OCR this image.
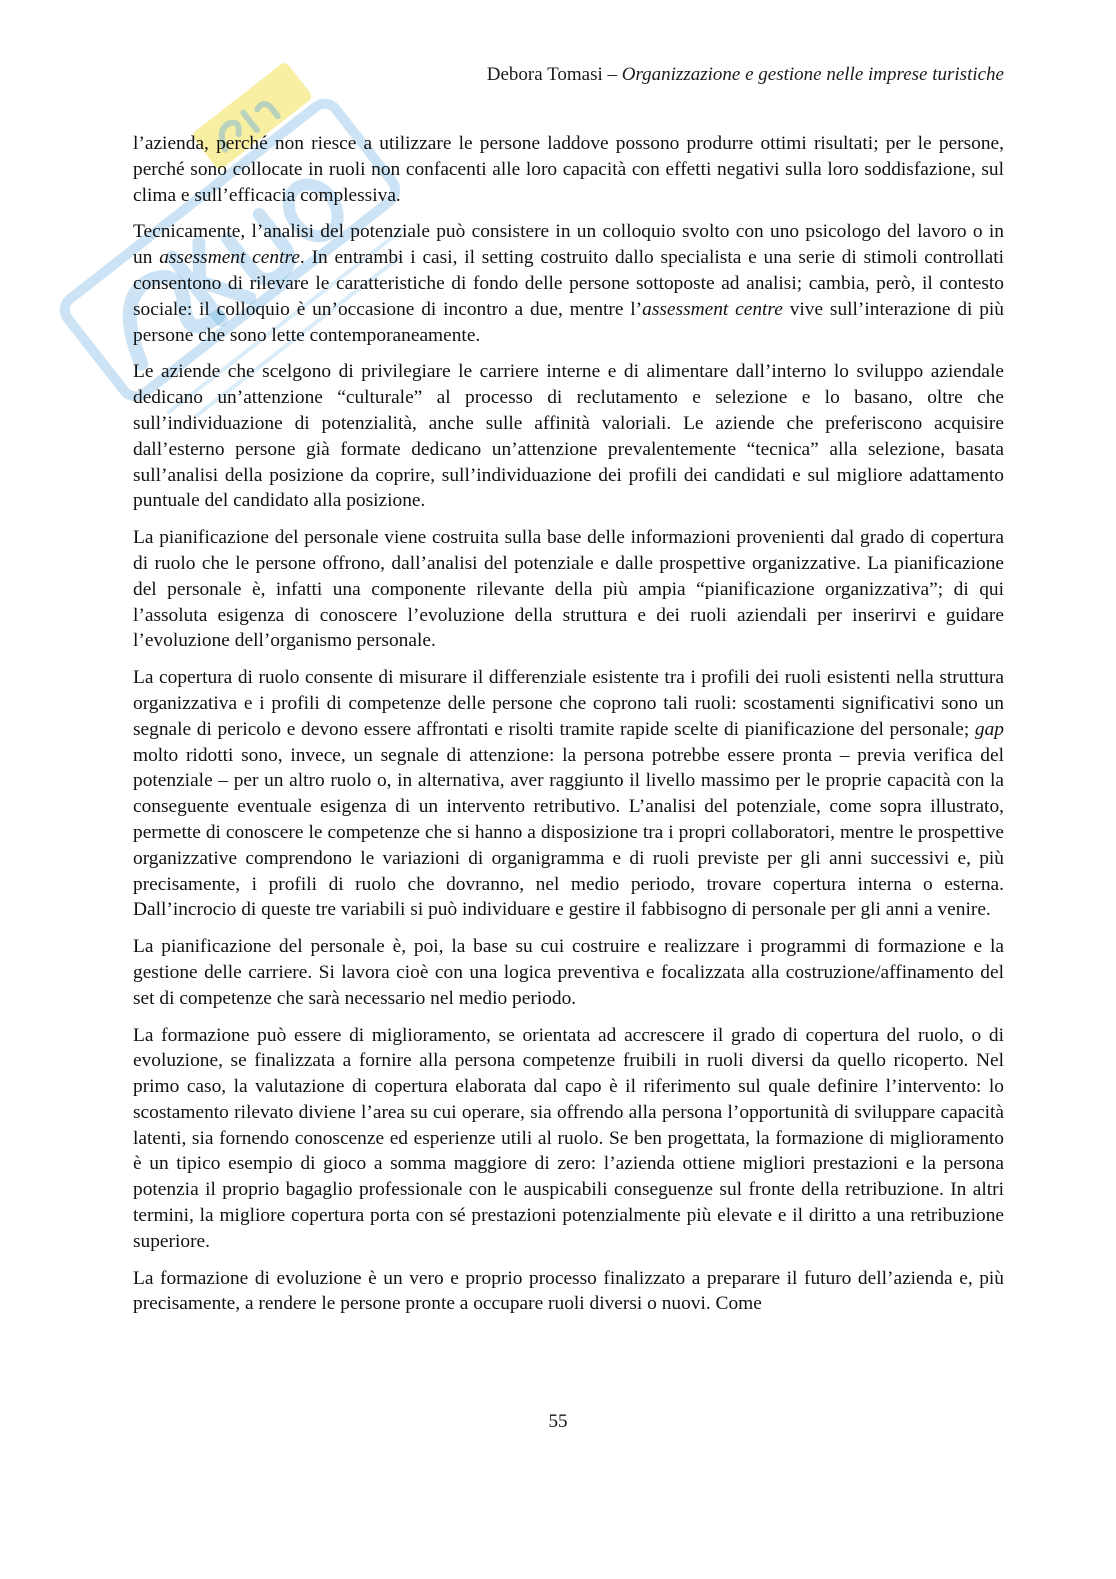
Debora Tomasi – Organizzazione e gestione nelle imprese turistiche

l’azienda, perché non riesce a utilizzare le persone laddove possono produrre ottimi risultati; per le persone, perché sono collocate in ruoli non confacenti alle loro capacità con effetti negativi sulla loro soddisfazione, sul clima e sull’efficacia complessiva.

Tecnicamente, l’analisi del potenziale può consistere in un colloquio svolto con uno psicologo del lavoro o in un assessment centre. In entrambi i casi, il setting costruito dallo specialista e una serie di stimoli controllati consentono di rilevare le caratteristiche di fondo delle persone sottoposte ad analisi; cambia, però, il contesto sociale: il colloquio è un’occasione di incontro a due, mentre l’assessment centre vive sull’interazione di più persone che sono lette contemporaneamente.

Le aziende che scelgono di privilegiare le carriere interne e di alimentare dall’interno lo sviluppo aziendale dedicano un’attenzione “culturale” al processo di reclutamento e selezione e lo basano, oltre che sull’individuazione di potenzialità, anche sulle affinità valoriali. Le aziende che preferiscono acquisire dall’esterno persone già formate dedicano un’attenzione prevalentemente “tecnica” alla selezione, basata sull’analisi della posizione da coprire, sull’individuazione dei profili dei candidati e sul migliore adattamento puntuale del candidato alla posizione.

La pianificazione del personale viene costruita sulla base delle informazioni provenienti dal grado di copertura di ruolo che le persone offrono, dall’analisi del potenziale e dalle prospettive organizzative. La pianificazione del personale è, infatti una componente rilevante della più ampia “pianificazione organizzativa”; di qui l’assoluta esigenza di conoscere l’evoluzione della struttura e dei ruoli aziendali per inserirvi e guidare l’evoluzione dell’organismo personale.

La copertura di ruolo consente di misurare il differenziale esistente tra i profili dei ruoli esistenti nella struttura organizzativa e i profili di competenze delle persone che coprono tali ruoli: scostamenti significativi sono un segnale di pericolo e devono essere affrontati e risolti tramite rapide scelte di pianificazione del personale; gap molto ridotti sono, invece, un segnale di attenzione: la persona potrebbe essere pronta – previa verifica del potenziale – per un altro ruolo o, in alternativa, aver raggiunto il livello massimo per le proprie capacità con la conseguente eventuale esigenza di un intervento retributivo. L’analisi del potenziale, come sopra illustrato, permette di conoscere le competenze che si hanno a disposizione tra i propri collaboratori, mentre le prospettive organizzative comprendono le variazioni di organigramma e di ruoli previste per gli anni successivi e, più precisamente, i profili di ruolo che dovranno, nel medio periodo, trovare copertura interna o esterna. Dall’incrocio di queste tre variabili si può individuare e gestire il fabbisogno di personale per gli anni a venire.

La pianificazione del personale è, poi, la base su cui costruire e realizzare i programmi di formazione e la gestione delle carriere. Si lavora cioè con una logica preventiva e focalizzata alla costruzione/affinamento del set di competenze che sarà necessario nel medio periodo.

La formazione può essere di miglioramento, se orientata ad accrescere il grado di copertura del ruolo, o di evoluzione, se finalizzata a fornire alla persona competenze fruibili in ruoli diversi da quello ricoperto. Nel primo caso, la valutazione di copertura elaborata dal capo è il riferimento sul quale definire l’intervento: lo scostamento rilevato diviene l’area su cui operare, sia offrendo alla persona l’opportunità di sviluppare capacità latenti, sia fornendo conoscenze ed esperienze utili al ruolo. Se ben progettata, la formazione di miglioramento è un tipico esempio di gioco a somma maggiore di zero: l’azienda ottiene migliori prestazioni e la persona potenzia il proprio bagaglio professionale con le auspicabili conseguenze sul fronte della retribuzione. In altri termini, la migliore copertura porta con sé prestazioni potenzialmente più elevate e il diritto a una retribuzione superiore.

La formazione di evoluzione è un vero e proprio processo finalizzato a preparare il futuro dell’azienda e, più precisamente, a rendere le persone pronte a occupare ruoli diversi o nuovi. Come

55
